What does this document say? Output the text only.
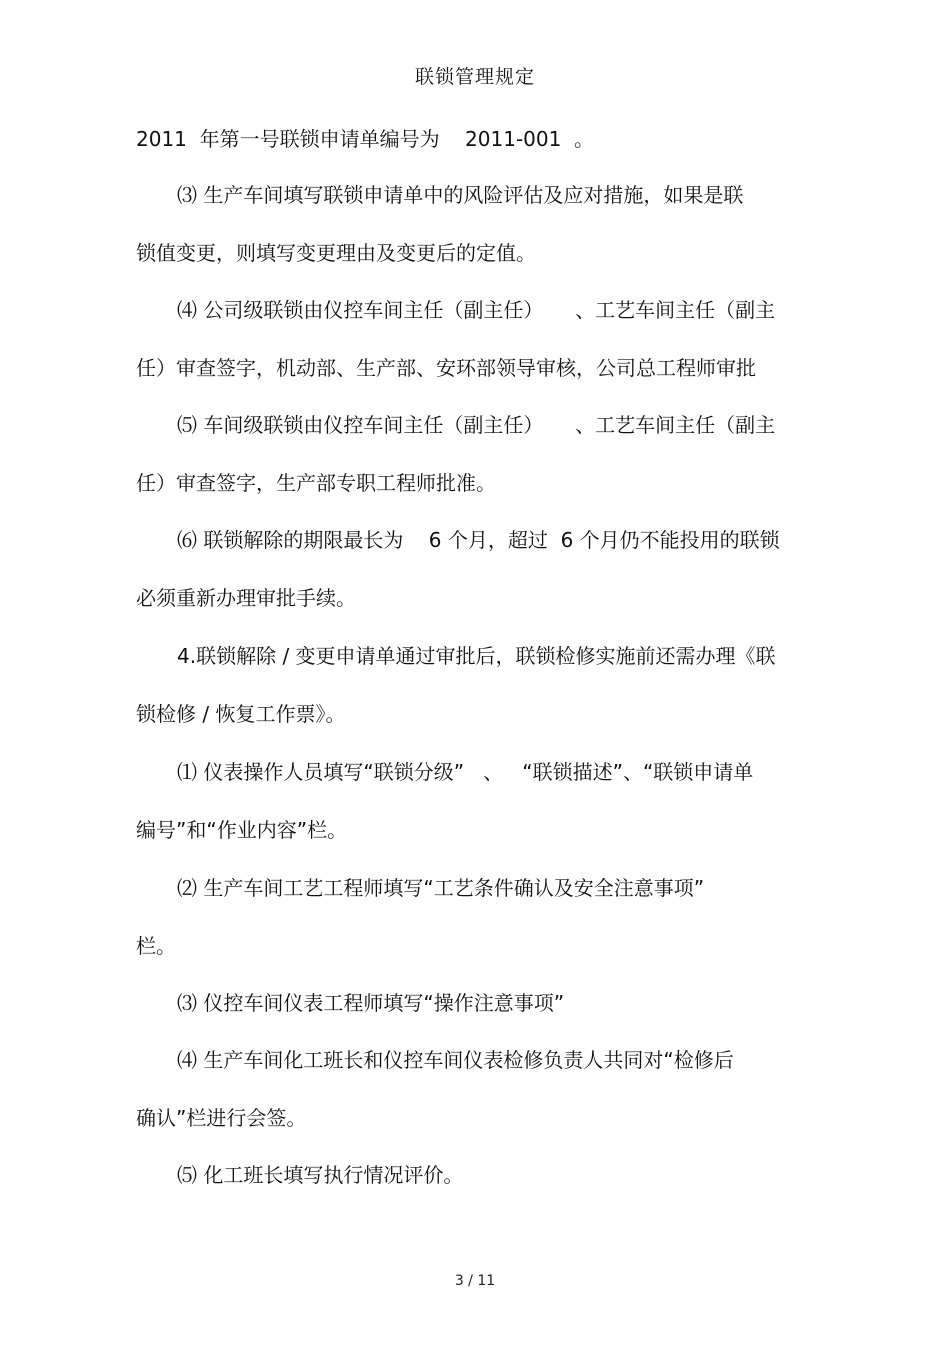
联锁管理规定
2011  年第一号联锁申请单编号为    2011-001  。
⑶ 生产车间填写联锁申请单中的风险评估及应对措施，如果是联
锁值变更，则填写变更理由及变更后的定值。
⑷ 公司级联锁由仪控车间主任（副主任）     、工艺车间主任（副主
任）审查签字，机动部、生产部、安环部领导审核，公司总工程师审批
⑸ 车间级联锁由仪控车间主任（副主任）     、工艺车间主任（副主
任）审查签字，生产部专职工程师批准。
⑹ 联锁解除的期限最长为    6 个月，超过  6 个月仍不能投用的联锁
必须重新办理审批手续。
4.联锁解除 / 变更申请单通过审批后，联锁检修实施前还需办理《联
锁检修 / 恢复工作票》。
⑴ 仪表操作人员填写“联锁分级”   、   “联锁描述”、“联锁申请单
编号”和“作业内容”栏。
⑵ 生产车间工艺工程师填写“工艺条件确认及安全注意事项”
栏。
⑶ 仪控车间仪表工程师填写“操作注意事项”
⑷ 生产车间化工班长和仪控车间仪表检修负责人共同对“检修后
确认”栏进行会签。
⑸ 化工班长填写执行情况评价。
3 / 11
